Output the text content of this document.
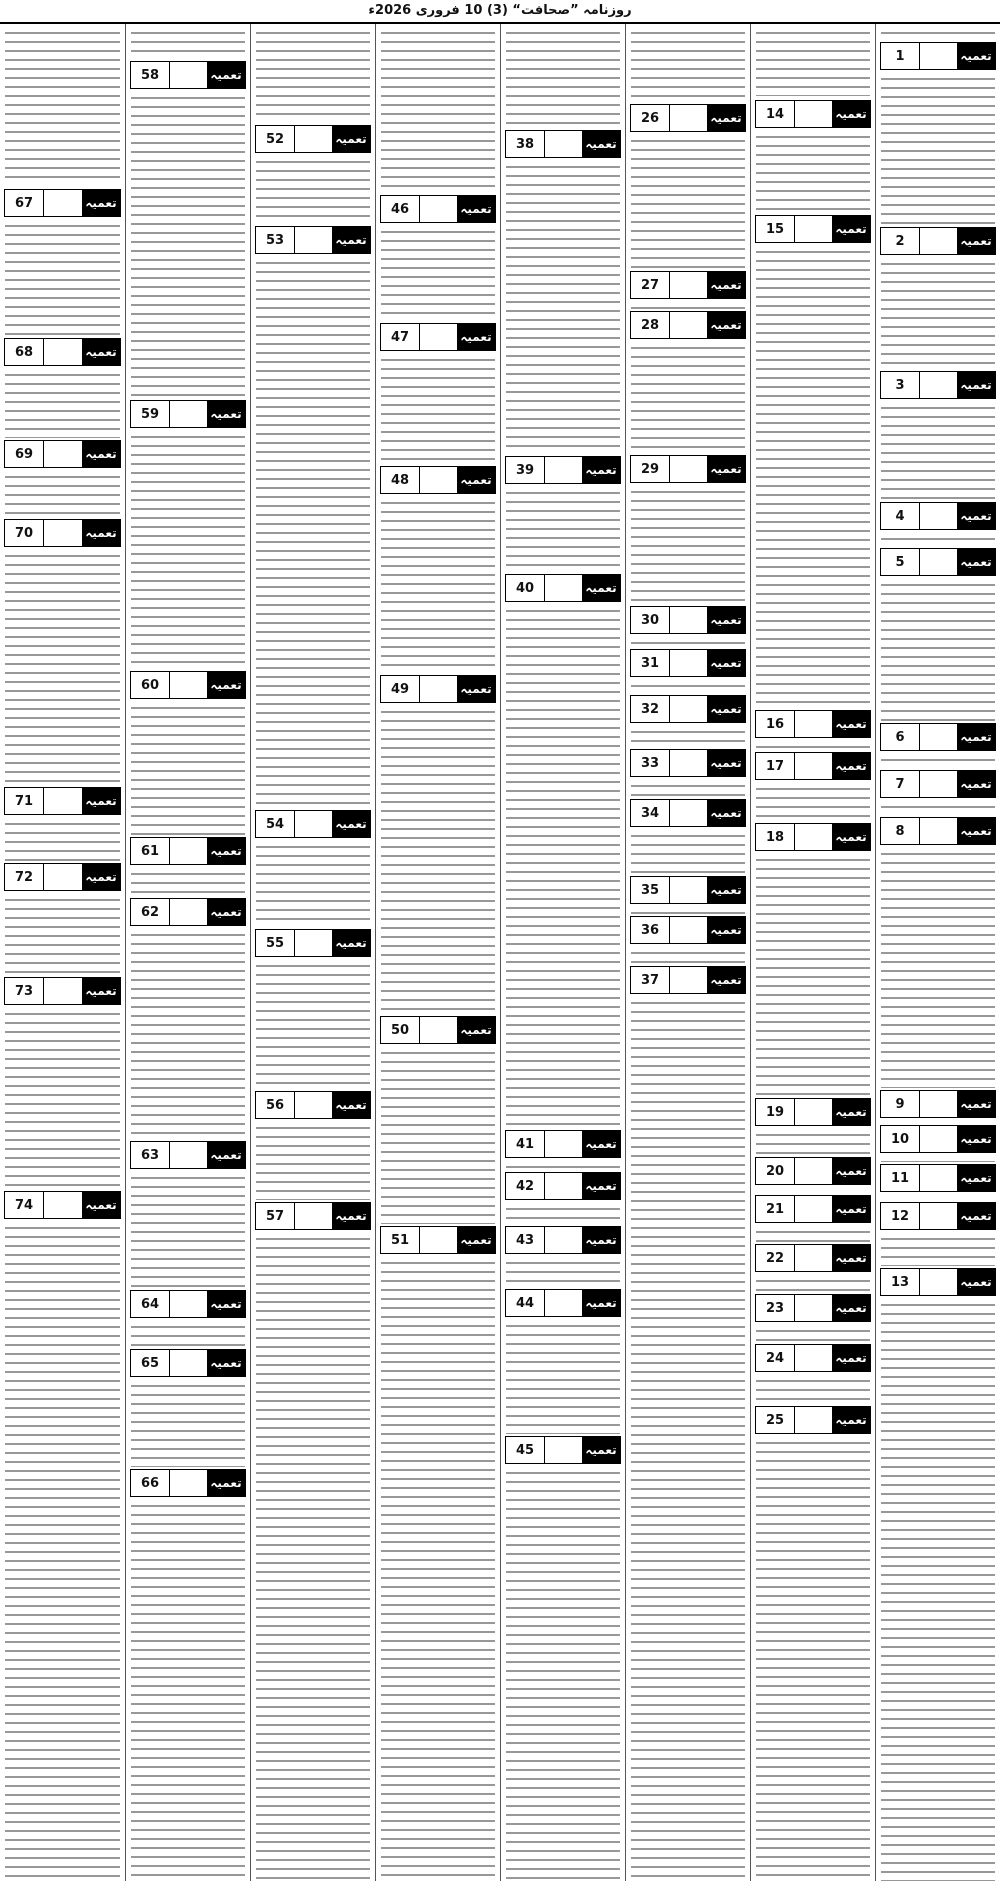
روزنامہ ”صحافت“ (3) 10 فروری 2026ء
تعمیہ
1
تعمیہ
2
تعمیہ
3
تعمیہ
4
تعمیہ
5
تعمیہ
6
تعمیہ
7
تعمیہ
8
تعمیہ
9
تعمیہ
10
تعمیہ
11
تعمیہ
12
تعمیہ
13
تعمیہ
14
تعمیہ
15
تعمیہ
16
تعمیہ
17
تعمیہ
18
تعمیہ
19
تعمیہ
20
تعمیہ
21
تعمیہ
22
تعمیہ
23
تعمیہ
24
تعمیہ
25
تعمیہ
26
تعمیہ
27
تعمیہ
28
تعمیہ
29
تعمیہ
30
تعمیہ
31
تعمیہ
32
تعمیہ
33
تعمیہ
34
تعمیہ
35
تعمیہ
36
تعمیہ
37
تعمیہ
38
تعمیہ
39
تعمیہ
40
تعمیہ
41
تعمیہ
42
تعمیہ
43
تعمیہ
44
تعمیہ
45
تعمیہ
46
تعمیہ
47
تعمیہ
48
تعمیہ
49
تعمیہ
50
تعمیہ
51
تعمیہ
52
تعمیہ
53
تعمیہ
54
تعمیہ
55
تعمیہ
56
تعمیہ
57
تعمیہ
58
تعمیہ
59
تعمیہ
60
تعمیہ
61
تعمیہ
62
تعمیہ
63
تعمیہ
64
تعمیہ
65
تعمیہ
66
تعمیہ
67
تعمیہ
68
تعمیہ
69
تعمیہ
70
تعمیہ
71
تعمیہ
72
تعمیہ
73
تعمیہ
74
